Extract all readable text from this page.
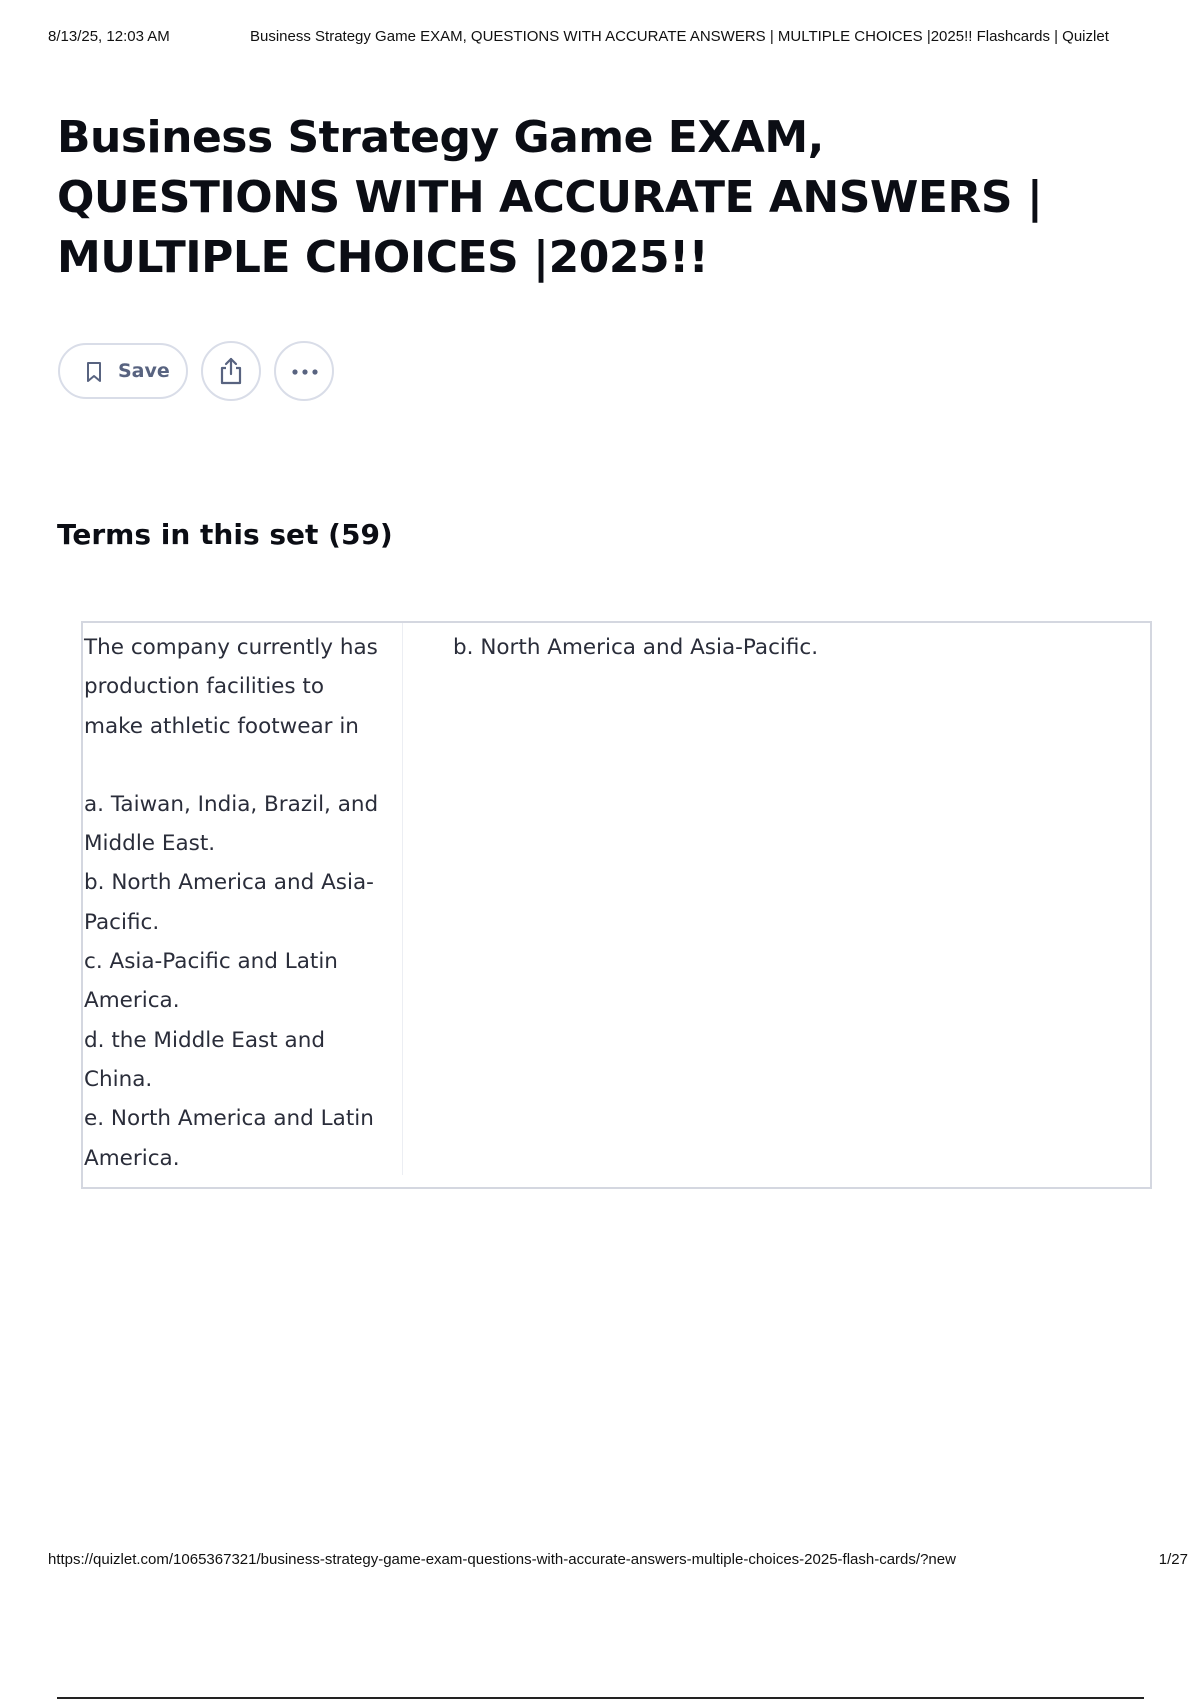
8/13/25, 12:03 AM	Business Strategy Game EXAM, QUESTIONS WITH ACCURATE ANSWERS | MULTIPLE CHOICES |2025!! Flashcards | Quizlet
Business Strategy Game EXAM, QUESTIONS WITH ACCURATE ANSWERS | MULTIPLE CHOICES |2025!!
Save
Terms in this set (59)

The company currently has production facilities to make athletic footwear in

a. Taiwan, India, Brazil, and Middle East.

b. North America and Asia-Pacific.

c. Asia-Pacific and Latin America.

d. the Middle East and China.

e. North America and Latin America.

b. North America and Asia-Pacific.
https://quizlet.com/1065367321/business-strategy-game-exam-questions-with-accurate-answers-multiple-choices-2025-flash-cards/?new	1/27
